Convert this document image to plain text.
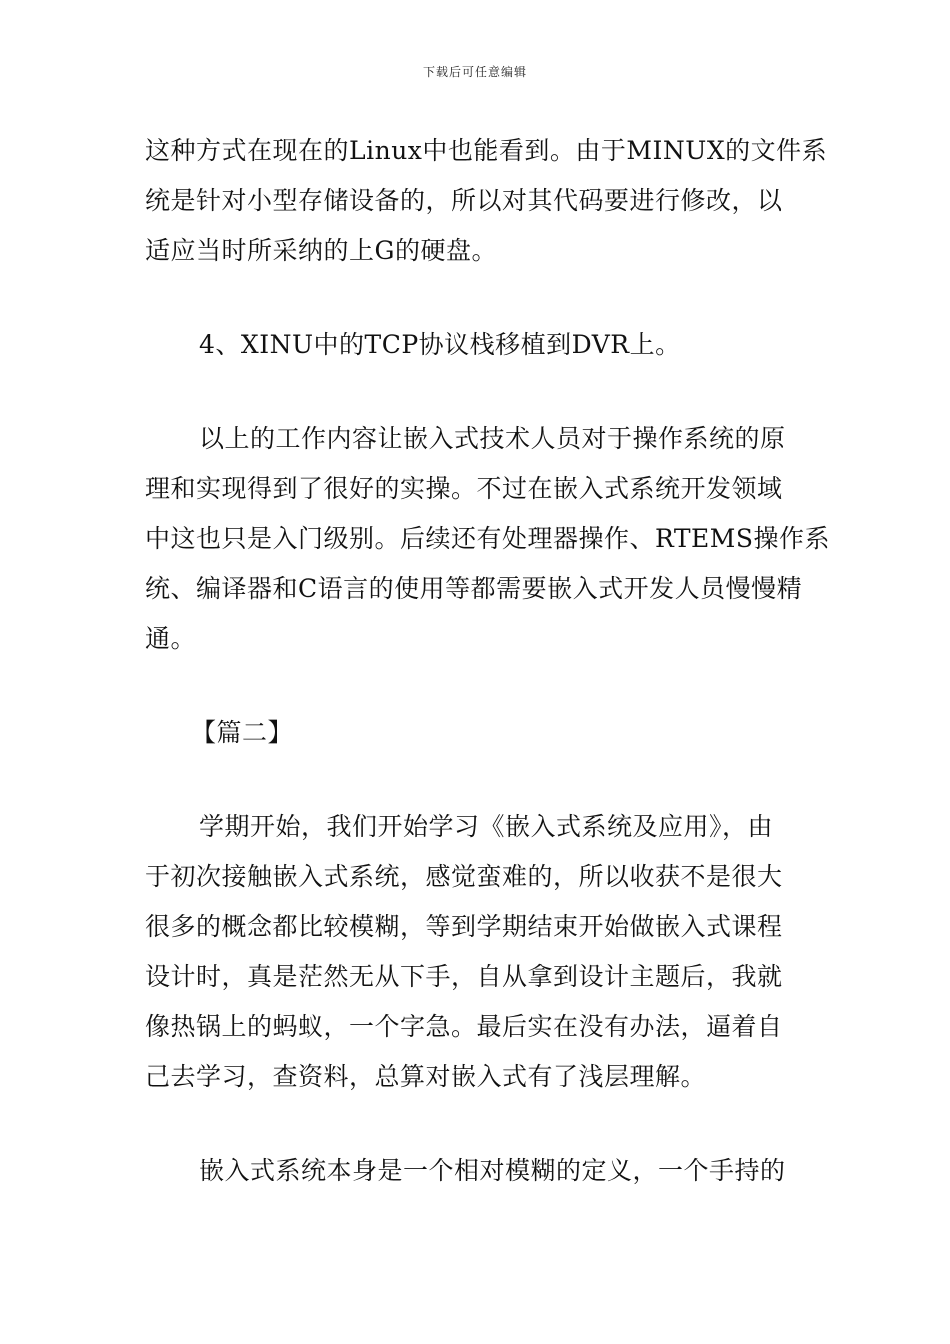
下载后可任意编辑
这种方式在现在的Linux中也能看到。由于MINUX的文件系
统是针对小型存储设备的，所以对其代码要进行修改，以
适应当时所采纳的上G的硬盘。
4、XINU中的TCP协议栈移植到DVR上。
以上的工作内容让嵌入式技术人员对于操作系统的原
理和实现得到了很好的实操。不过在嵌入式系统开发领域
中这也只是入门级别。后续还有处理器操作、RTEMS操作系
统、编译器和C语言的使用等都需要嵌入式开发人员慢慢精
通。
【篇二】
学期开始，我们开始学习《嵌入式系统及应用》，由
于初次接触嵌入式系统，感觉蛮难的，所以收获不是很大
很多的概念都比较模糊，等到学期结束开始做嵌入式课程
设计时，真是茫然无从下手，自从拿到设计主题后，我就
像热锅上的蚂蚁，一个字急。最后实在没有办法，逼着自
己去学习，查资料，总算对嵌入式有了浅层理解。
嵌入式系统本身是一个相对模糊的定义，一个手持的
